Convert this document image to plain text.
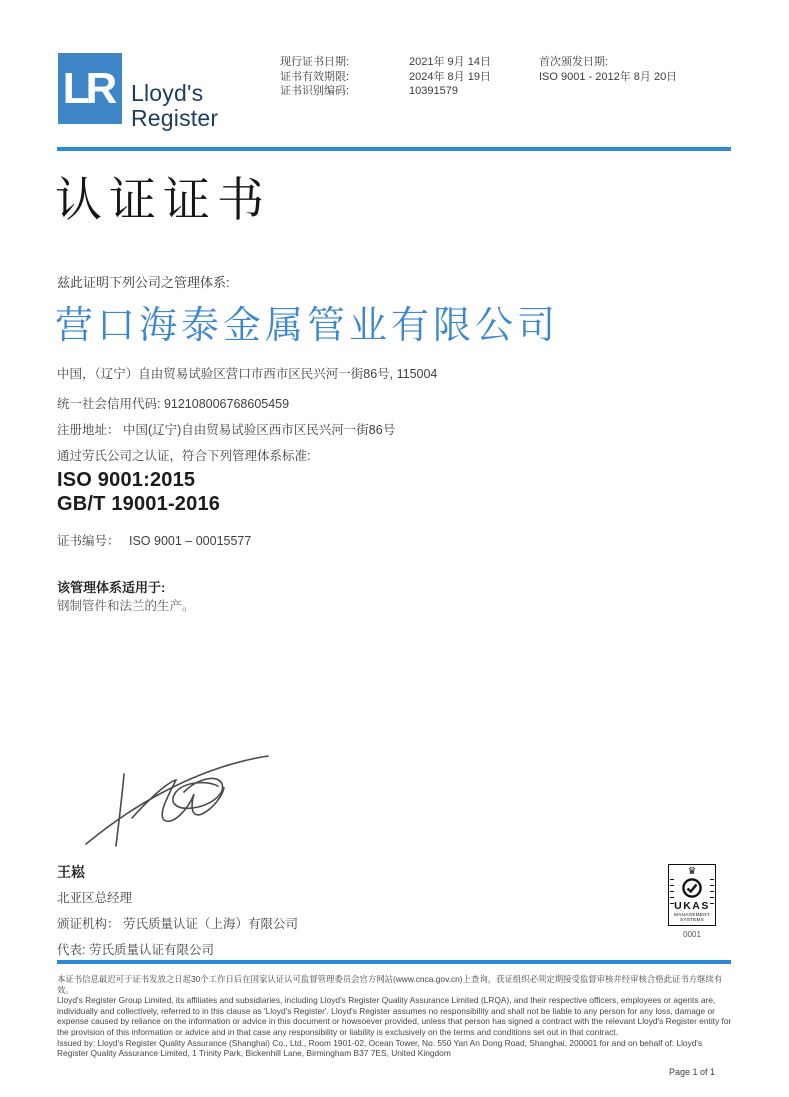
LR Lloyd's
Register
现行证书日期:
证书有效期限:
证书识别编码:
2021年 9月 14日
2024年 8月 19日
10391579
首次颁发日期:
ISO 9001 - 2012年 8月 20日
认证证书
兹此证明下列公司之管理体系:
营口海泰金属管业有限公司
中国，（辽宁）自由贸易试验区营口市西市区民兴河一街86号, 115004
统一社会信用代码: 912108006768605459
注册地址： 中国(辽宁)自由贸易试验区西市区民兴河一街86号
通过劳氏公司之认证，符合下列管理体系标准:
ISO 9001:2015
GB/T 19001-2016
证书编号： ISO 9001 – 00015577
该管理体系适用于:
钢制管件和法兰的生产。
王崧
北亚区总经理
颁证机构： 劳氏质量认证（上海）有限公司
代表: 劳氏质量认证有限公司
♛
UKAS
MANAGEMENT
SYSTEMS
0001

本证书信息最迟可于证书发放之日起30个工作日后在国家认证认可监督管理委员会官方网站(www.cnca.gov.cn)上查询，获证组织必须定期接受监督审核并经审核合格此证书方继续有效。

Lloyd's Register Group Limited, its affiliates and subsidiaries, including Lloyd's Register Quality Assurance Limited (LRQA), and their respective officers, employees or agents are, individually and collectively, referred to in this clause as 'Lloyd's Register'. Lloyd's Register assumes no responsibility and shall not be liable to any person for any loss, damage or expense caused by reliance on the information or advice in this document or howsoever provided, unless that person has signed a contract with the relevant Lloyd's Register entity for the provision of this information or advice and in that case any responsibility or liability is exclusively on the terms and conditions set out in that contract.

Issued by: Lloyd's Register Quality Assurance (Shanghai) Co., Ltd., Room 1901-02, Ocean Tower, No. 550 Yan An Dong Road, Shanghai, 200001 for and on behalf of: Lloyd's Register Quality Assurance Limited, 1 Trinity Park, Bickenhill Lane, Birmingham B37 7ES, United Kingdom

Page 1 of 1
